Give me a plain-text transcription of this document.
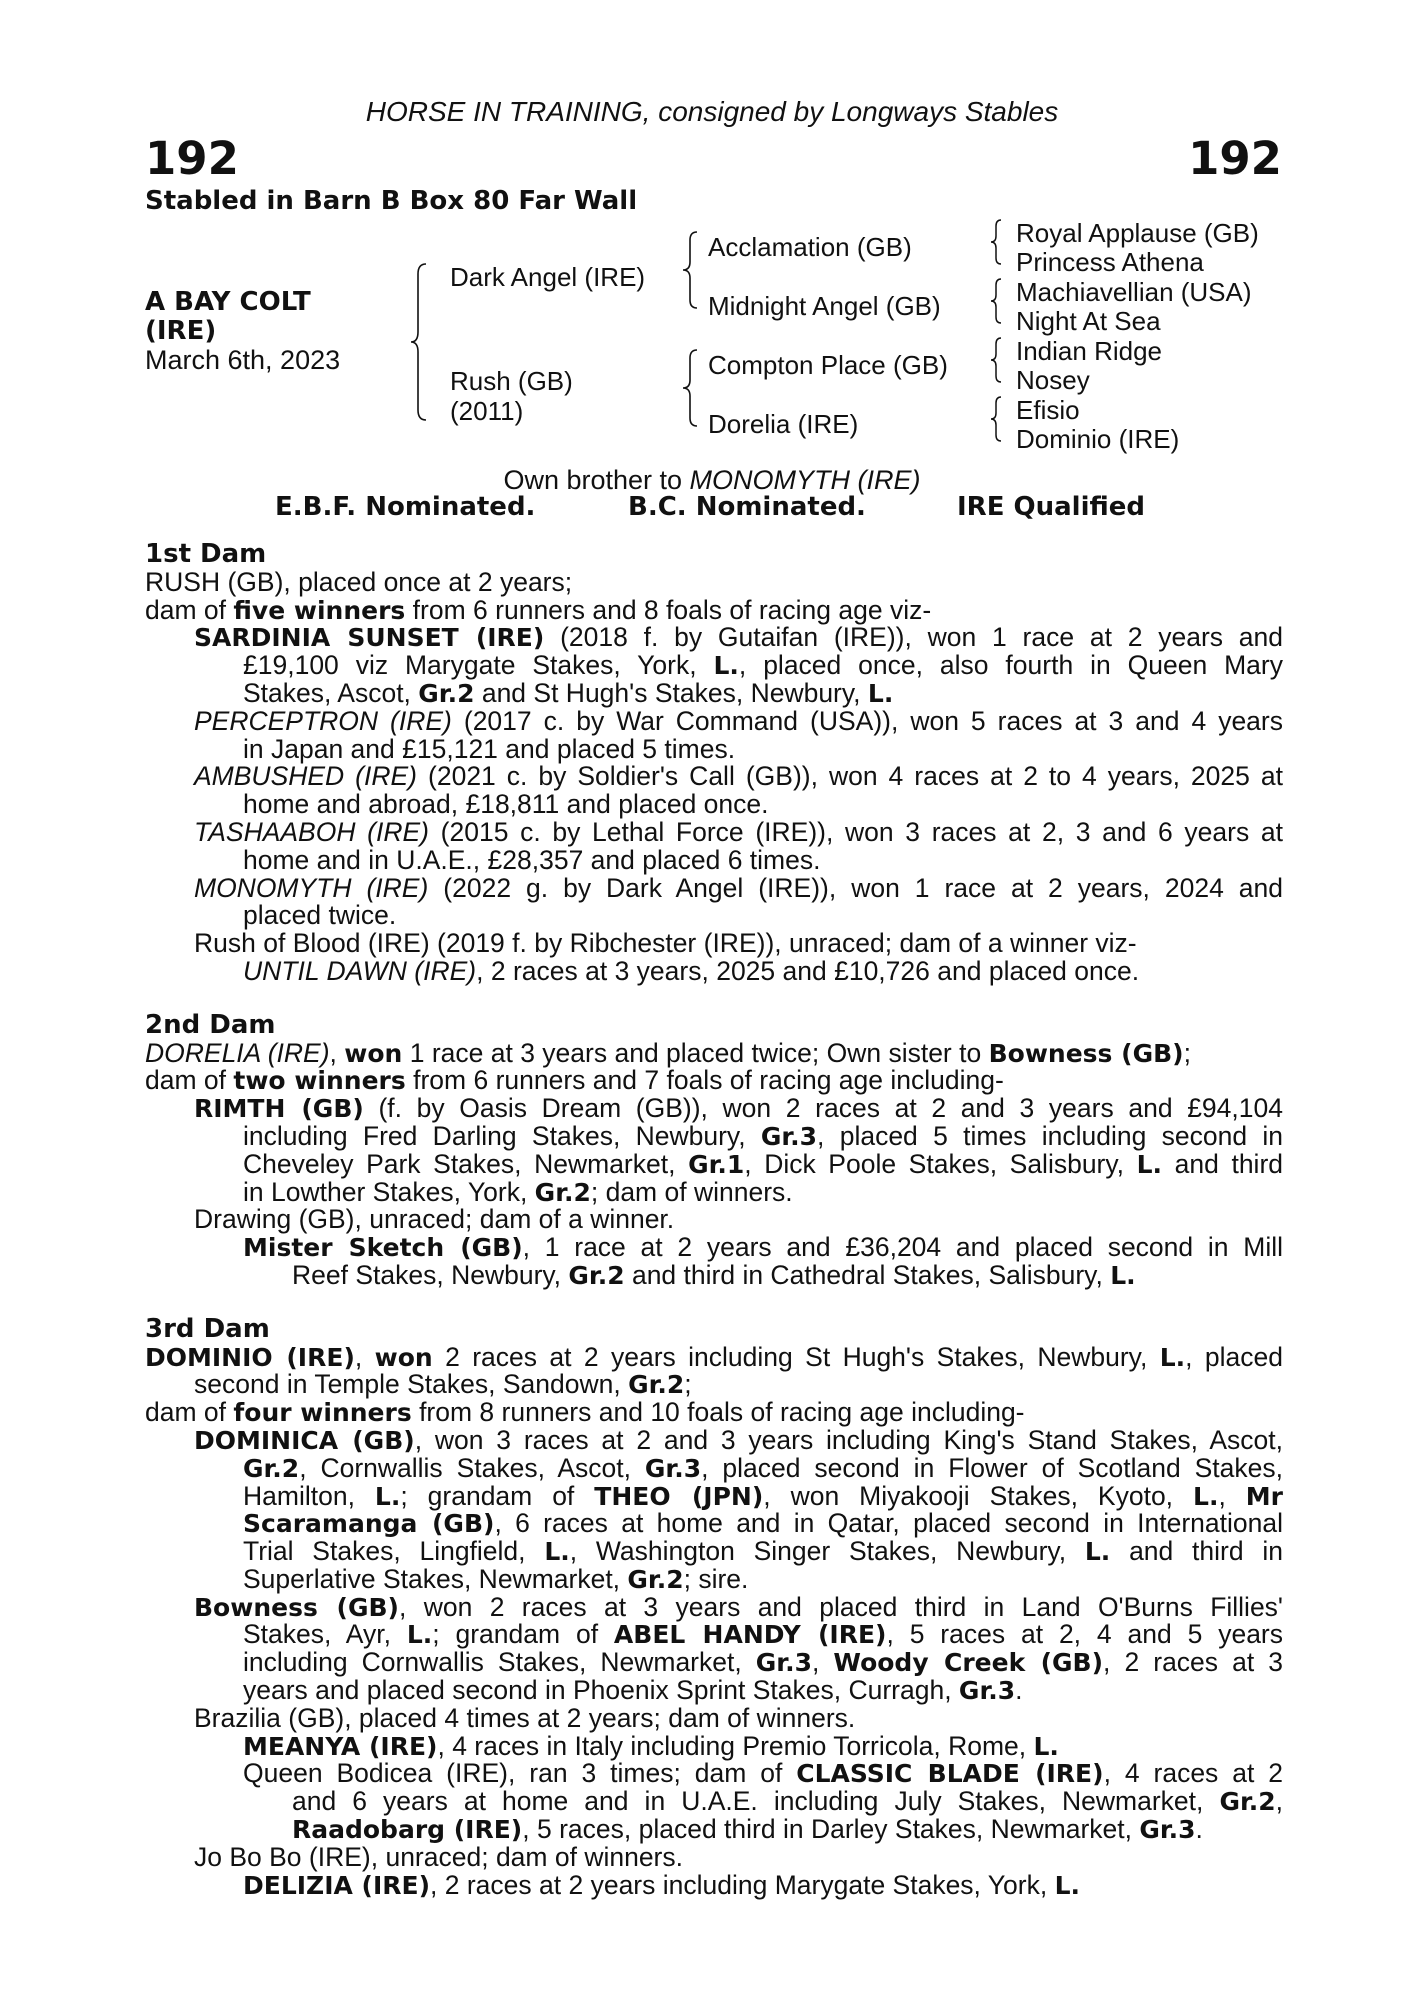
HORSE IN TRAINING, consigned by Longways Stables
192	192
Stabled in Barn B Box 80 Far Wall
A BAY COLT
(IRE)
March 6th, 2023
Dark Angel (IRE)
Rush (GB)
(2011)
Acclamation (GB)
Midnight Angel (GB)
Compton Place (GB)
Dorelia (IRE)
Royal Applause (GB)
Princess Athena
Machiavellian (USA)
Night At Sea
Indian Ridge
Nosey
Efisio
Dominio (IRE)
Own brother to MONOMYTH (IRE)
E.B.F. Nominated.	B.C. Nominated.	IRE Qualified
1st Dam
RUSH (GB), placed once at 2 years;
dam of five winners from 6 runners and 8 foals of racing age viz-
SARDINIA SUNSET (IRE) (2018 f. by Gutaifan (IRE)), won 1 race at 2 years and
£19,100 viz Marygate Stakes, York, L., placed once, also fourth in Queen Mary
Stakes, Ascot, Gr.2 and St Hugh's Stakes, Newbury, L.
PERCEPTRON (IRE) (2017 c. by War Command (USA)), won 5 races at 3 and 4 years
in Japan and £15,121 and placed 5 times.
AMBUSHED (IRE) (2021 c. by Soldier's Call (GB)), won 4 races at 2 to 4 years, 2025 at
home and abroad, £18,811 and placed once.
TASHAABOH (IRE) (2015 c. by Lethal Force (IRE)), won 3 races at 2, 3 and 6 years at
home and in U.A.E., £28,357 and placed 6 times.
MONOMYTH (IRE) (2022 g. by Dark Angel (IRE)), won 1 race at 2 years, 2024 and
placed twice.
Rush of Blood (IRE) (2019 f. by Ribchester (IRE)), unraced; dam of a winner viz-
UNTIL DAWN (IRE), 2 races at 3 years, 2025 and £10,726 and placed once.
2nd Dam
DORELIA (IRE), won 1 race at 3 years and placed twice; Own sister to Bowness (GB);
dam of two winners from 6 runners and 7 foals of racing age including-
RIMTH (GB) (f. by Oasis Dream (GB)), won 2 races at 2 and 3 years and £94,104
including Fred Darling Stakes, Newbury, Gr.3, placed 5 times including second in
Cheveley Park Stakes, Newmarket, Gr.1, Dick Poole Stakes, Salisbury, L. and third
in Lowther Stakes, York, Gr.2; dam of winners.
Drawing (GB), unraced; dam of a winner.
Mister Sketch (GB), 1 race at 2 years and £36,204 and placed second in Mill
Reef Stakes, Newbury, Gr.2 and third in Cathedral Stakes, Salisbury, L.
3rd Dam
DOMINIO (IRE), won 2 races at 2 years including St Hugh's Stakes, Newbury, L., placed
second in Temple Stakes, Sandown, Gr.2;
dam of four winners from 8 runners and 10 foals of racing age including-
DOMINICA (GB), won 3 races at 2 and 3 years including King's Stand Stakes, Ascot,
Gr.2, Cornwallis Stakes, Ascot, Gr.3, placed second in Flower of Scotland Stakes,
Hamilton, L.; grandam of THEO (JPN), won Miyakooji Stakes, Kyoto, L., Mr
Scaramanga (GB), 6 races at home and in Qatar, placed second in International
Trial Stakes, Lingfield, L., Washington Singer Stakes, Newbury, L. and third in
Superlative Stakes, Newmarket, Gr.2; sire.
Bowness (GB), won 2 races at 3 years and placed third in Land O'Burns Fillies'
Stakes, Ayr, L.; grandam of ABEL HANDY (IRE), 5 races at 2, 4 and 5 years
including Cornwallis Stakes, Newmarket, Gr.3, Woody Creek (GB), 2 races at 3
years and placed second in Phoenix Sprint Stakes, Curragh, Gr.3.
Brazilia (GB), placed 4 times at 2 years; dam of winners.
MEANYA (IRE), 4 races in Italy including Premio Torricola, Rome, L.
Queen Bodicea (IRE), ran 3 times; dam of CLASSIC BLADE (IRE), 4 races at 2
and 6 years at home and in U.A.E. including July Stakes, Newmarket, Gr.2,
Raadobarg (IRE), 5 races, placed third in Darley Stakes, Newmarket, Gr.3.
Jo Bo Bo (IRE), unraced; dam of winners.
DELIZIA (IRE), 2 races at 2 years including Marygate Stakes, York, L.
